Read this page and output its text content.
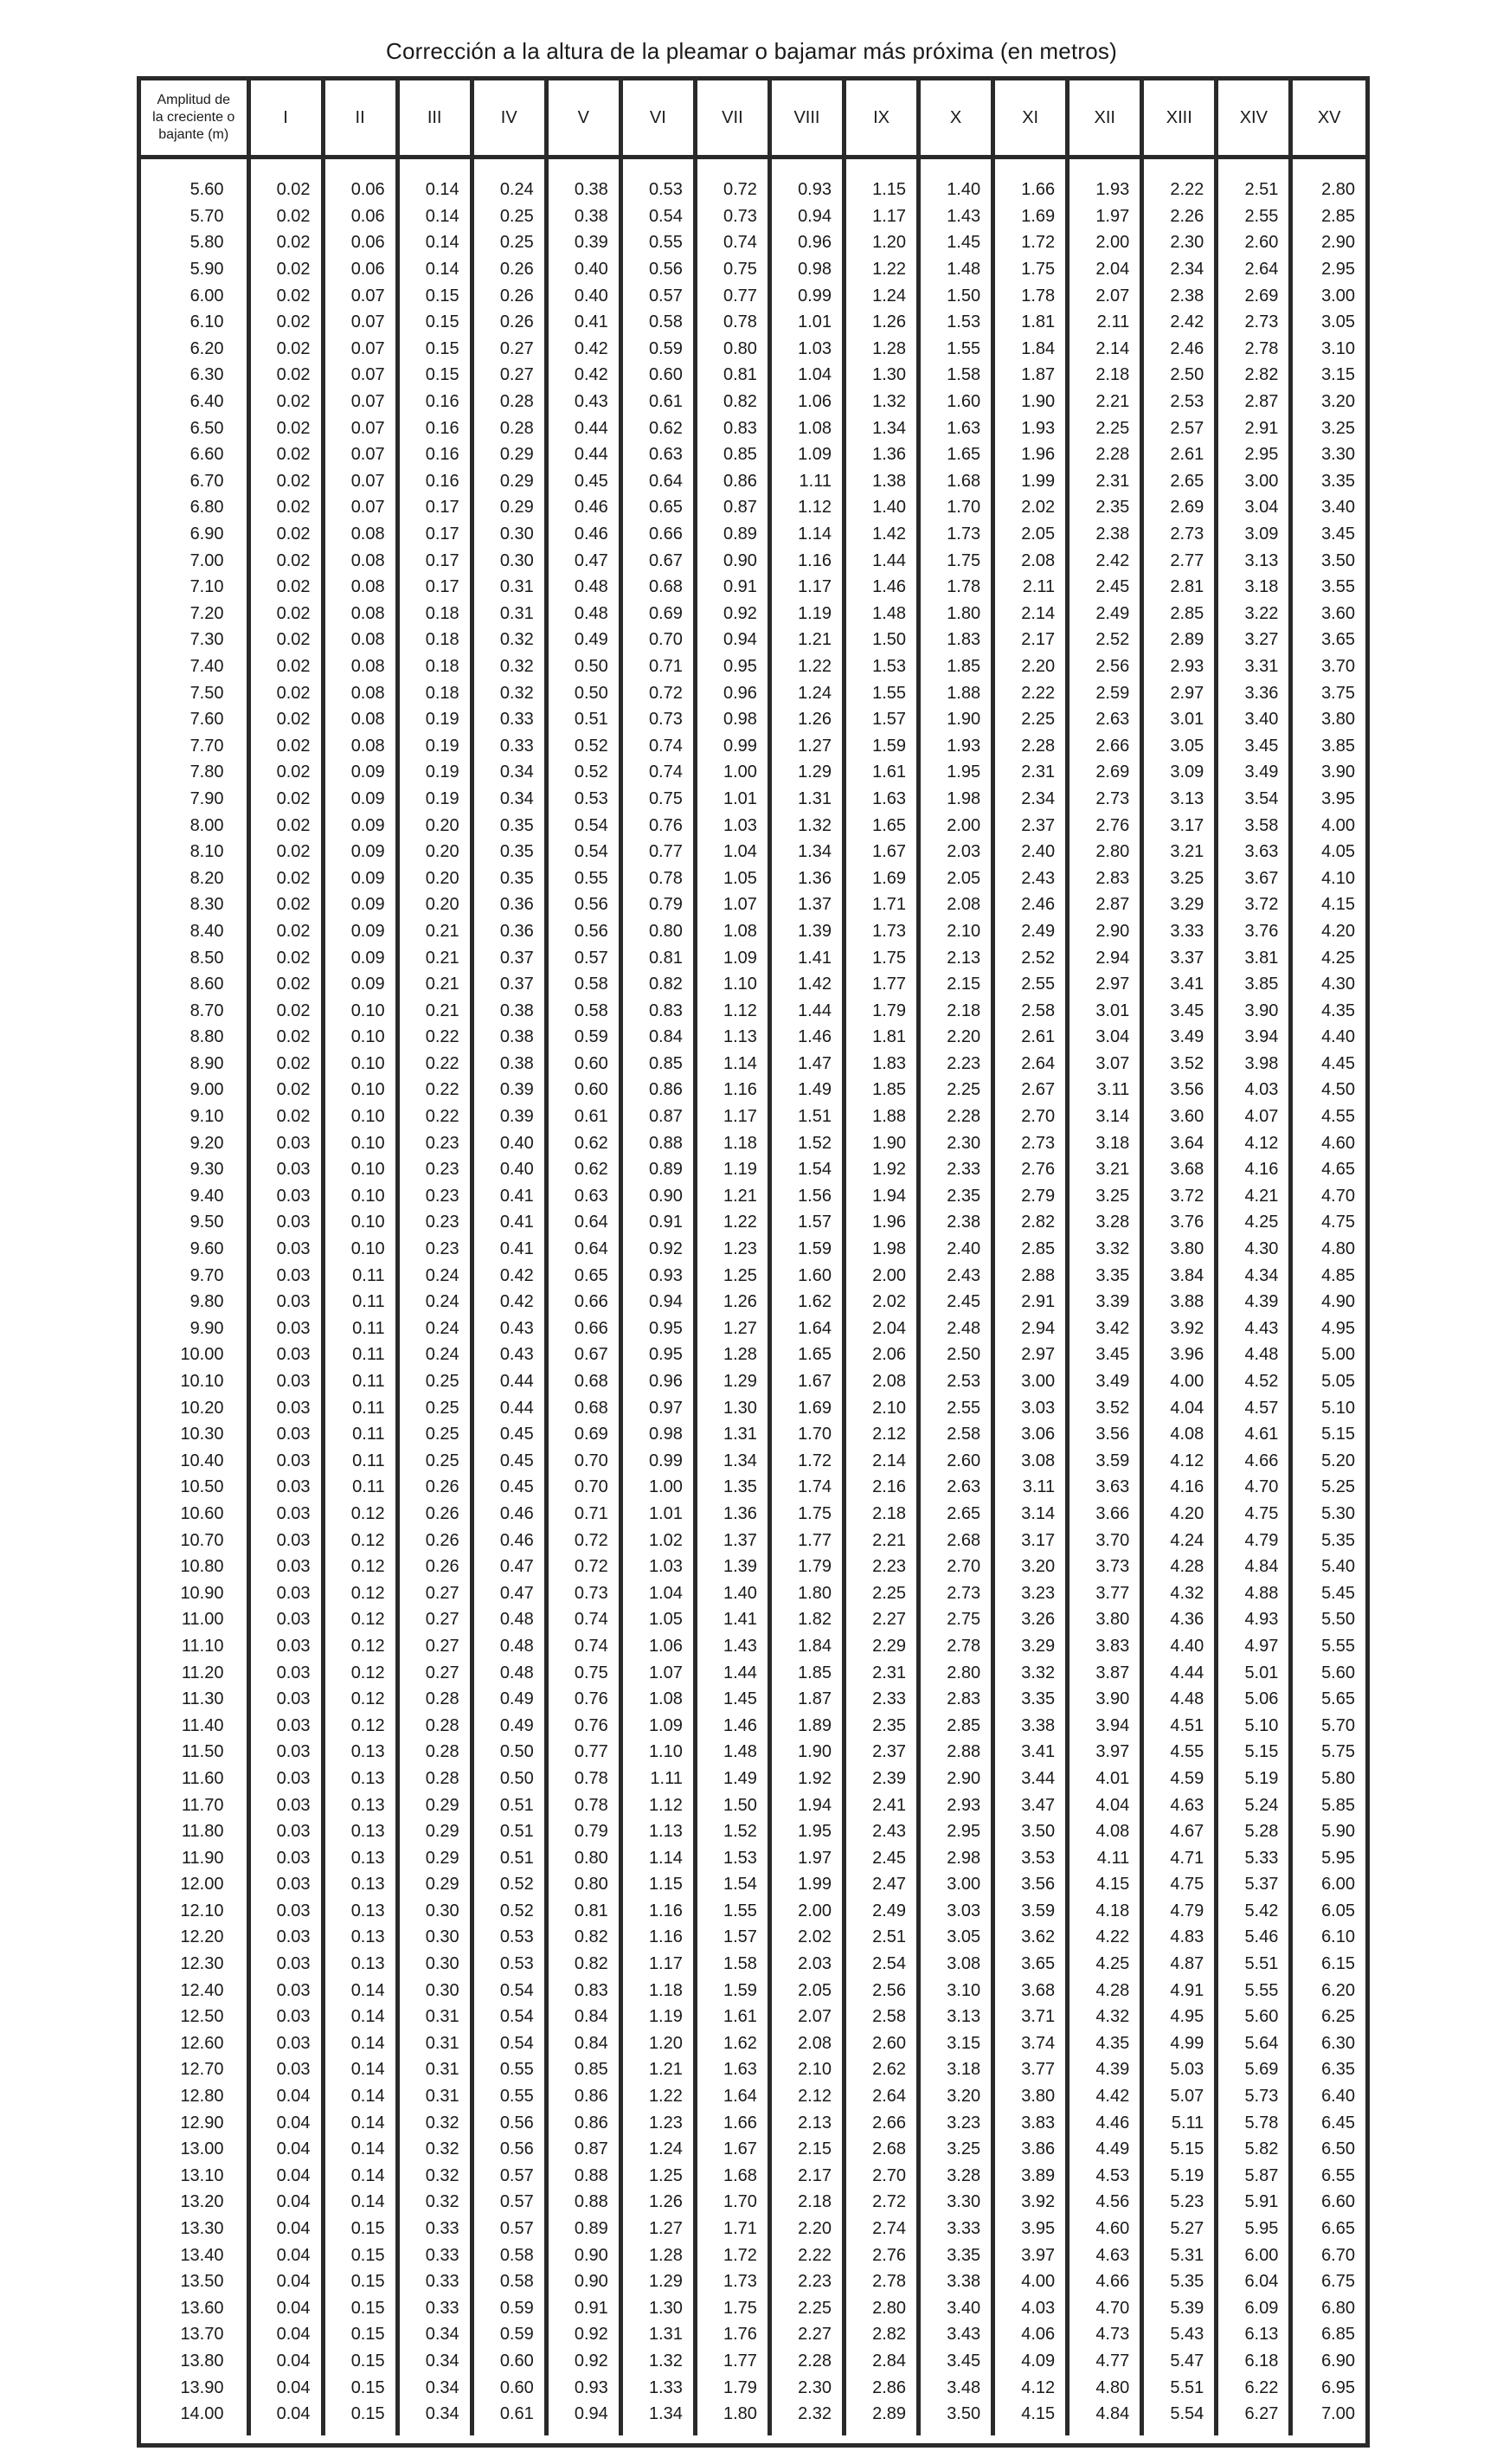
Corrección a la altura de la pleamar o bajamar más próxima (en metros)
Amplitud de
la creciente o
bajante (m)	I	II	III	IV	V	VI	VII	VIII	IX	X	XI	XII	XIII	XIV	XV
5.60	0.02	0.06	0.14	0.24	0.38	0.53	0.72	0.93	1.15	1.40	1.66	1.93	2.22	2.51	2.80
5.70	0.02	0.06	0.14	0.25	0.38	0.54	0.73	0.94	1.17	1.43	1.69	1.97	2.26	2.55	2.85
5.80	0.02	0.06	0.14	0.25	0.39	0.55	0.74	0.96	1.20	1.45	1.72	2.00	2.30	2.60	2.90
5.90	0.02	0.06	0.14	0.26	0.40	0.56	0.75	0.98	1.22	1.48	1.75	2.04	2.34	2.64	2.95
6.00	0.02	0.07	0.15	0.26	0.40	0.57	0.77	0.99	1.24	1.50	1.78	2.07	2.38	2.69	3.00
6.10	0.02	0.07	0.15	0.26	0.41	0.58	0.78	1.01	1.26	1.53	1.81	2.11	2.42	2.73	3.05
6.20	0.02	0.07	0.15	0.27	0.42	0.59	0.80	1.03	1.28	1.55	1.84	2.14	2.46	2.78	3.10
6.30	0.02	0.07	0.15	0.27	0.42	0.60	0.81	1.04	1.30	1.58	1.87	2.18	2.50	2.82	3.15
6.40	0.02	0.07	0.16	0.28	0.43	0.61	0.82	1.06	1.32	1.60	1.90	2.21	2.53	2.87	3.20
6.50	0.02	0.07	0.16	0.28	0.44	0.62	0.83	1.08	1.34	1.63	1.93	2.25	2.57	2.91	3.25
6.60	0.02	0.07	0.16	0.29	0.44	0.63	0.85	1.09	1.36	1.65	1.96	2.28	2.61	2.95	3.30
6.70	0.02	0.07	0.16	0.29	0.45	0.64	0.86	1.11	1.38	1.68	1.99	2.31	2.65	3.00	3.35
6.80	0.02	0.07	0.17	0.29	0.46	0.65	0.87	1.12	1.40	1.70	2.02	2.35	2.69	3.04	3.40
6.90	0.02	0.08	0.17	0.30	0.46	0.66	0.89	1.14	1.42	1.73	2.05	2.38	2.73	3.09	3.45
7.00	0.02	0.08	0.17	0.30	0.47	0.67	0.90	1.16	1.44	1.75	2.08	2.42	2.77	3.13	3.50
7.10	0.02	0.08	0.17	0.31	0.48	0.68	0.91	1.17	1.46	1.78	2.11	2.45	2.81	3.18	3.55
7.20	0.02	0.08	0.18	0.31	0.48	0.69	0.92	1.19	1.48	1.80	2.14	2.49	2.85	3.22	3.60
7.30	0.02	0.08	0.18	0.32	0.49	0.70	0.94	1.21	1.50	1.83	2.17	2.52	2.89	3.27	3.65
7.40	0.02	0.08	0.18	0.32	0.50	0.71	0.95	1.22	1.53	1.85	2.20	2.56	2.93	3.31	3.70
7.50	0.02	0.08	0.18	0.32	0.50	0.72	0.96	1.24	1.55	1.88	2.22	2.59	2.97	3.36	3.75
7.60	0.02	0.08	0.19	0.33	0.51	0.73	0.98	1.26	1.57	1.90	2.25	2.63	3.01	3.40	3.80
7.70	0.02	0.08	0.19	0.33	0.52	0.74	0.99	1.27	1.59	1.93	2.28	2.66	3.05	3.45	3.85
7.80	0.02	0.09	0.19	0.34	0.52	0.74	1.00	1.29	1.61	1.95	2.31	2.69	3.09	3.49	3.90
7.90	0.02	0.09	0.19	0.34	0.53	0.75	1.01	1.31	1.63	1.98	2.34	2.73	3.13	3.54	3.95
8.00	0.02	0.09	0.20	0.35	0.54	0.76	1.03	1.32	1.65	2.00	2.37	2.76	3.17	3.58	4.00
8.10	0.02	0.09	0.20	0.35	0.54	0.77	1.04	1.34	1.67	2.03	2.40	2.80	3.21	3.63	4.05
8.20	0.02	0.09	0.20	0.35	0.55	0.78	1.05	1.36	1.69	2.05	2.43	2.83	3.25	3.67	4.10
8.30	0.02	0.09	0.20	0.36	0.56	0.79	1.07	1.37	1.71	2.08	2.46	2.87	3.29	3.72	4.15
8.40	0.02	0.09	0.21	0.36	0.56	0.80	1.08	1.39	1.73	2.10	2.49	2.90	3.33	3.76	4.20
8.50	0.02	0.09	0.21	0.37	0.57	0.81	1.09	1.41	1.75	2.13	2.52	2.94	3.37	3.81	4.25
8.60	0.02	0.09	0.21	0.37	0.58	0.82	1.10	1.42	1.77	2.15	2.55	2.97	3.41	3.85	4.30
8.70	0.02	0.10	0.21	0.38	0.58	0.83	1.12	1.44	1.79	2.18	2.58	3.01	3.45	3.90	4.35
8.80	0.02	0.10	0.22	0.38	0.59	0.84	1.13	1.46	1.81	2.20	2.61	3.04	3.49	3.94	4.40
8.90	0.02	0.10	0.22	0.38	0.60	0.85	1.14	1.47	1.83	2.23	2.64	3.07	3.52	3.98	4.45
9.00	0.02	0.10	0.22	0.39	0.60	0.86	1.16	1.49	1.85	2.25	2.67	3.11	3.56	4.03	4.50
9.10	0.02	0.10	0.22	0.39	0.61	0.87	1.17	1.51	1.88	2.28	2.70	3.14	3.60	4.07	4.55
9.20	0.03	0.10	0.23	0.40	0.62	0.88	1.18	1.52	1.90	2.30	2.73	3.18	3.64	4.12	4.60
9.30	0.03	0.10	0.23	0.40	0.62	0.89	1.19	1.54	1.92	2.33	2.76	3.21	3.68	4.16	4.65
9.40	0.03	0.10	0.23	0.41	0.63	0.90	1.21	1.56	1.94	2.35	2.79	3.25	3.72	4.21	4.70
9.50	0.03	0.10	0.23	0.41	0.64	0.91	1.22	1.57	1.96	2.38	2.82	3.28	3.76	4.25	4.75
9.60	0.03	0.10	0.23	0.41	0.64	0.92	1.23	1.59	1.98	2.40	2.85	3.32	3.80	4.30	4.80
9.70	0.03	0.11	0.24	0.42	0.65	0.93	1.25	1.60	2.00	2.43	2.88	3.35	3.84	4.34	4.85
9.80	0.03	0.11	0.24	0.42	0.66	0.94	1.26	1.62	2.02	2.45	2.91	3.39	3.88	4.39	4.90
9.90	0.03	0.11	0.24	0.43	0.66	0.95	1.27	1.64	2.04	2.48	2.94	3.42	3.92	4.43	4.95
10.00	0.03	0.11	0.24	0.43	0.67	0.95	1.28	1.65	2.06	2.50	2.97	3.45	3.96	4.48	5.00
10.10	0.03	0.11	0.25	0.44	0.68	0.96	1.29	1.67	2.08	2.53	3.00	3.49	4.00	4.52	5.05
10.20	0.03	0.11	0.25	0.44	0.68	0.97	1.30	1.69	2.10	2.55	3.03	3.52	4.04	4.57	5.10
10.30	0.03	0.11	0.25	0.45	0.69	0.98	1.31	1.70	2.12	2.58	3.06	3.56	4.08	4.61	5.15
10.40	0.03	0.11	0.25	0.45	0.70	0.99	1.34	1.72	2.14	2.60	3.08	3.59	4.12	4.66	5.20
10.50	0.03	0.11	0.26	0.45	0.70	1.00	1.35	1.74	2.16	2.63	3.11	3.63	4.16	4.70	5.25
10.60	0.03	0.12	0.26	0.46	0.71	1.01	1.36	1.75	2.18	2.65	3.14	3.66	4.20	4.75	5.30
10.70	0.03	0.12	0.26	0.46	0.72	1.02	1.37	1.77	2.21	2.68	3.17	3.70	4.24	4.79	5.35
10.80	0.03	0.12	0.26	0.47	0.72	1.03	1.39	1.79	2.23	2.70	3.20	3.73	4.28	4.84	5.40
10.90	0.03	0.12	0.27	0.47	0.73	1.04	1.40	1.80	2.25	2.73	3.23	3.77	4.32	4.88	5.45
11.00	0.03	0.12	0.27	0.48	0.74	1.05	1.41	1.82	2.27	2.75	3.26	3.80	4.36	4.93	5.50
11.10	0.03	0.12	0.27	0.48	0.74	1.06	1.43	1.84	2.29	2.78	3.29	3.83	4.40	4.97	5.55
11.20	0.03	0.12	0.27	0.48	0.75	1.07	1.44	1.85	2.31	2.80	3.32	3.87	4.44	5.01	5.60
11.30	0.03	0.12	0.28	0.49	0.76	1.08	1.45	1.87	2.33	2.83	3.35	3.90	4.48	5.06	5.65
11.40	0.03	0.12	0.28	0.49	0.76	1.09	1.46	1.89	2.35	2.85	3.38	3.94	4.51	5.10	5.70
11.50	0.03	0.13	0.28	0.50	0.77	1.10	1.48	1.90	2.37	2.88	3.41	3.97	4.55	5.15	5.75
11.60	0.03	0.13	0.28	0.50	0.78	1.11	1.49	1.92	2.39	2.90	3.44	4.01	4.59	5.19	5.80
11.70	0.03	0.13	0.29	0.51	0.78	1.12	1.50	1.94	2.41	2.93	3.47	4.04	4.63	5.24	5.85
11.80	0.03	0.13	0.29	0.51	0.79	1.13	1.52	1.95	2.43	2.95	3.50	4.08	4.67	5.28	5.90
11.90	0.03	0.13	0.29	0.51	0.80	1.14	1.53	1.97	2.45	2.98	3.53	4.11	4.71	5.33	5.95
12.00	0.03	0.13	0.29	0.52	0.80	1.15	1.54	1.99	2.47	3.00	3.56	4.15	4.75	5.37	6.00
12.10	0.03	0.13	0.30	0.52	0.81	1.16	1.55	2.00	2.49	3.03	3.59	4.18	4.79	5.42	6.05
12.20	0.03	0.13	0.30	0.53	0.82	1.16	1.57	2.02	2.51	3.05	3.62	4.22	4.83	5.46	6.10
12.30	0.03	0.13	0.30	0.53	0.82	1.17	1.58	2.03	2.54	3.08	3.65	4.25	4.87	5.51	6.15
12.40	0.03	0.14	0.30	0.54	0.83	1.18	1.59	2.05	2.56	3.10	3.68	4.28	4.91	5.55	6.20
12.50	0.03	0.14	0.31	0.54	0.84	1.19	1.61	2.07	2.58	3.13	3.71	4.32	4.95	5.60	6.25
12.60	0.03	0.14	0.31	0.54	0.84	1.20	1.62	2.08	2.60	3.15	3.74	4.35	4.99	5.64	6.30
12.70	0.03	0.14	0.31	0.55	0.85	1.21	1.63	2.10	2.62	3.18	3.77	4.39	5.03	5.69	6.35
12.80	0.04	0.14	0.31	0.55	0.86	1.22	1.64	2.12	2.64	3.20	3.80	4.42	5.07	5.73	6.40
12.90	0.04	0.14	0.32	0.56	0.86	1.23	1.66	2.13	2.66	3.23	3.83	4.46	5.11	5.78	6.45
13.00	0.04	0.14	0.32	0.56	0.87	1.24	1.67	2.15	2.68	3.25	3.86	4.49	5.15	5.82	6.50
13.10	0.04	0.14	0.32	0.57	0.88	1.25	1.68	2.17	2.70	3.28	3.89	4.53	5.19	5.87	6.55
13.20	0.04	0.14	0.32	0.57	0.88	1.26	1.70	2.18	2.72	3.30	3.92	4.56	5.23	5.91	6.60
13.30	0.04	0.15	0.33	0.57	0.89	1.27	1.71	2.20	2.74	3.33	3.95	4.60	5.27	5.95	6.65
13.40	0.04	0.15	0.33	0.58	0.90	1.28	1.72	2.22	2.76	3.35	3.97	4.63	5.31	6.00	6.70
13.50	0.04	0.15	0.33	0.58	0.90	1.29	1.73	2.23	2.78	3.38	4.00	4.66	5.35	6.04	6.75
13.60	0.04	0.15	0.33	0.59	0.91	1.30	1.75	2.25	2.80	3.40	4.03	4.70	5.39	6.09	6.80
13.70	0.04	0.15	0.34	0.59	0.92	1.31	1.76	2.27	2.82	3.43	4.06	4.73	5.43	6.13	6.85
13.80	0.04	0.15	0.34	0.60	0.92	1.32	1.77	2.28	2.84	3.45	4.09	4.77	5.47	6.18	6.90
13.90	0.04	0.15	0.34	0.60	0.93	1.33	1.79	2.30	2.86	3.48	4.12	4.80	5.51	6.22	6.95
14.00	0.04	0.15	0.34	0.61	0.94	1.34	1.80	2.32	2.89	3.50	4.15	4.84	5.54	6.27	7.00
